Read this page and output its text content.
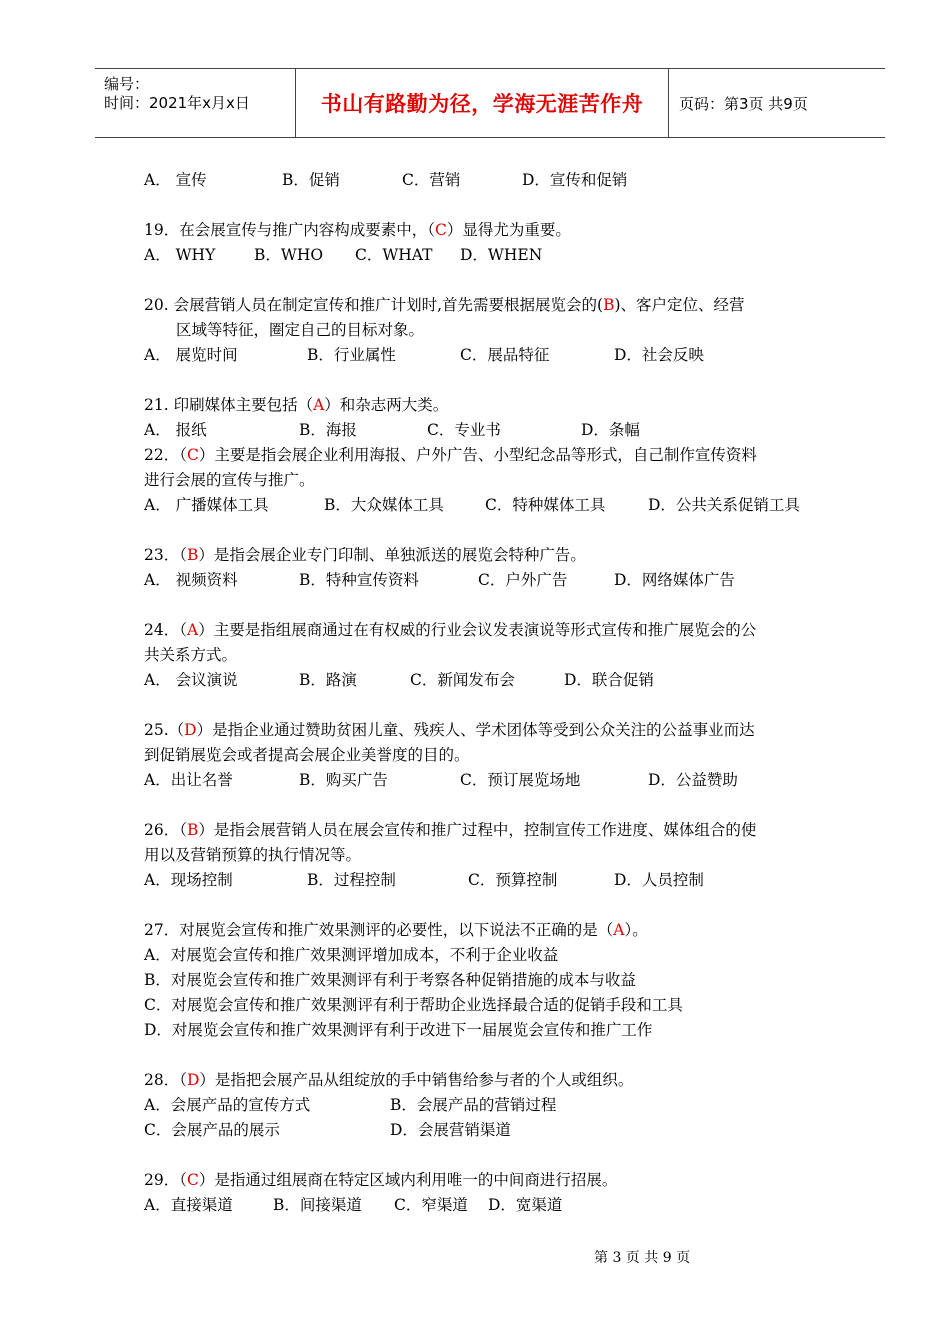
编号：
时间：2021年x月x日	书山有路勤为径，学海无涯苦作舟 页码：第3页 共9页
A． 宣传	B．促销	C．营销	D．宣传和促销
19．在会展宣传与推广内容构成要素中，（C）显得尤为重要。
A． WHY B．WHO C．WHAT D．WHEN
20. 会展营销人员在制定宣传和推广计划时,首先需要根据展览会的(B)、客户定位、经营
区域等特征，圈定自己的目标对象。
A． 展览时间	B．行业属性	C．展品特征	D．社会反映
21. 印刷媒体主要包括（A）和杂志两大类。
A． 报纸	B．海报	C．专业书	D．条幅
22．（C）主要是指会展企业利用海报、户外广告、小型纪念品等形式，自己制作宣传资料
进行会展的宣传与推广。
A． 广播媒体工具	B．大众媒体工具	C．特种媒体工具	D．公共关系促销工具
23．（B）是指会展企业专门印制、单独派送的展览会特种广告。
A． 视频资料	B．特种宣传资料	C．户外广告	D．网络媒体广告
24．（A）主要是指组展商通过在有权威的行业会议发表演说等形式宣传和推广展览会的公
共关系方式。
A． 会议演说	B．路演	C．新闻发布会	D．联合促销
25.（D）是指企业通过赞助贫困儿童、残疾人、学术团体等受到公众关注的公益事业而达
到促销展览会或者提高会展企业美誉度的目的。
A．出让名誉	B．购买广告	C．预订展览场地	D．公益赞助
26．（B）是指会展营销人员在展会宣传和推广过程中，控制宣传工作进度、媒体组合的使
用以及营销预算的执行情况等。
A．现场控制	B．过程控制	C．预算控制	D．人员控制
27．对展览会宣传和推广效果测评的必要性，以下说法不正确的是（A）。
A．对展览会宣传和推广效果测评增加成本，不利于企业收益
B．对展览会宣传和推广效果测评有利于考察各种促销措施的成本与收益
C．对展览会宣传和推广效果测评有利于帮助企业选择最合适的促销手段和工具
D．对展览会宣传和推广效果测评有利于改进下一届展览会宣传和推广工作
28．（D）是指把会展产品从组绽放的手中销售给参与者的个人或组织。
A．会展产品的宣传方式	B．会展产品的营销过程
C．会展产品的展示	D．会展营销渠道
29．（C）是指通过组展商在特定区域内利用唯一的中间商进行招展。
A．直接渠道	B．间接渠道 C．窄渠道 D．宽渠道
第 3 页 共 9 页
